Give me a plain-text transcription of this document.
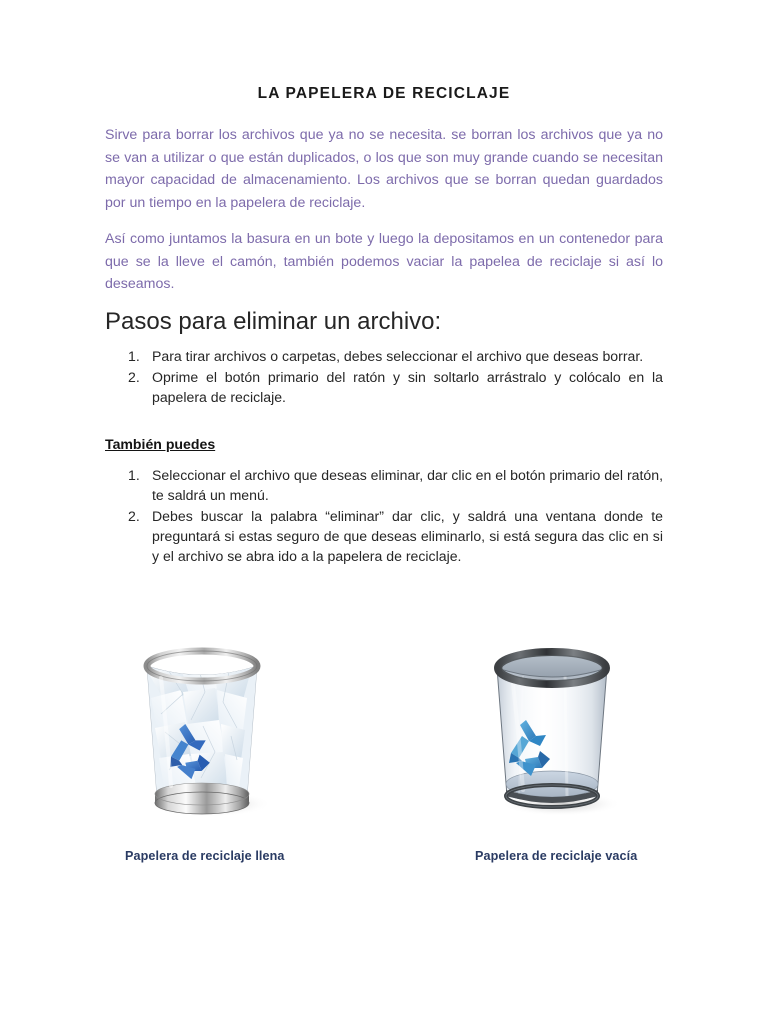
LA PAPELERA DE RECICLAJE

Sirve para borrar los archivos que ya no se necesita. se borran los archivos que ya no se van a utilizar o que están duplicados, o los que son muy grande cuando se necesitan mayor capacidad de almacenamiento. Los archivos que se borran quedan guardados por un tiempo en la papelera de reciclaje.

Así como juntamos la basura en un bote y luego la depositamos en un contenedor para que se la lleve el camón, también podemos vaciar la papelea de reciclaje si así lo deseamos.

Pasos para eliminar un archivo:
Para tirar archivos o carpetas, debes seleccionar el archivo que deseas borrar.
Oprime el botón primario del ratón y sin soltarlo arrástralo y colócalo en la papelera de reciclaje.
También puedes
Seleccionar el archivo que deseas eliminar, dar clic en el botón primario del ratón, te saldrá un menú.
Debes buscar la palabra “eliminar” dar clic, y saldrá una ventana donde te preguntará si estas seguro de que deseas eliminarlo, si está segura das clic en si y el archivo se abra ido a la papelera de reciclaje.
Papelera de reciclaje llena	Papelera de reciclaje vacía
